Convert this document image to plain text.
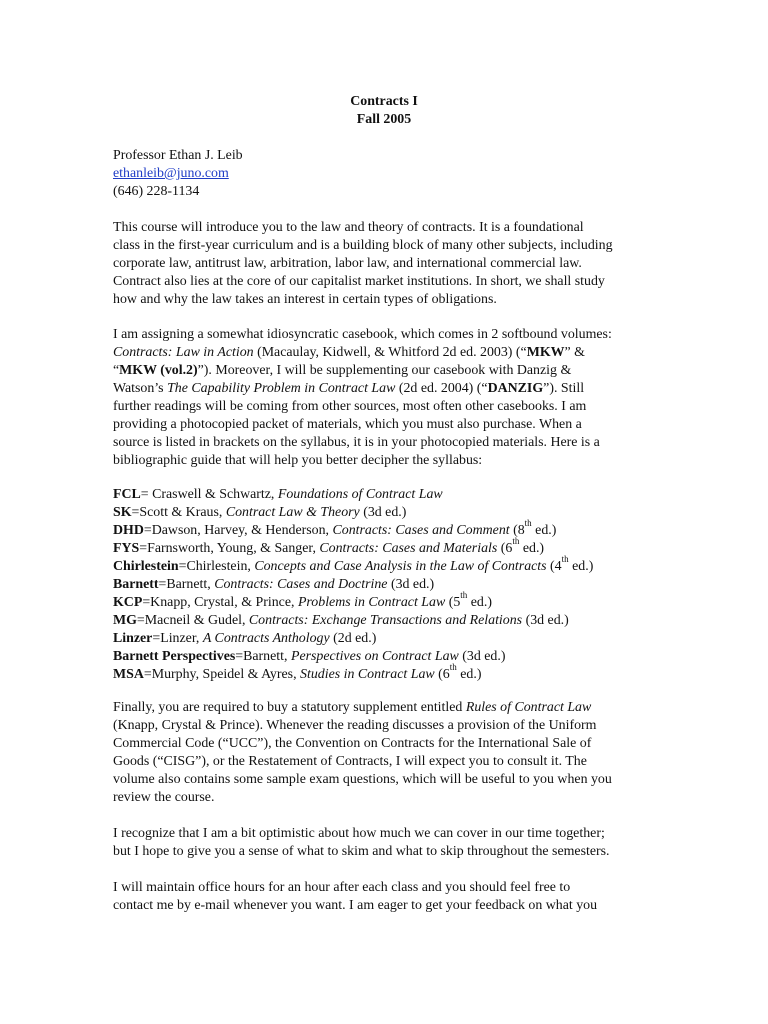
Contracts I
Fall 2005
Professor Ethan J. Leib
ethanleib@juno.com
(646) 228-1134
This course will introduce you to the law and theory of contracts. It is a foundational
class in the first-year curriculum and is a building block of many other subjects, including
corporate law, antitrust law, arbitration, labor law, and international commercial law.
Contract also lies at the core of our capitalist market institutions. In short, we shall study
how and why the law takes an interest in certain types of obligations.
I am assigning a somewhat idiosyncratic casebook, which comes in 2 softbound volumes:
Contracts: Law in Action (Macaulay, Kidwell, & Whitford 2d ed. 2003) (“MKW” &
“MKW (vol.2)”). Moreover, I will be supplementing our casebook with Danzig &
Watson’s The Capability Problem in Contract Law (2d ed. 2004) (“DANZIG”). Still
further readings will be coming from other sources, most often other casebooks. I am
providing a photocopied packet of materials, which you must also purchase. When a
source is listed in brackets on the syllabus, it is in your photocopied materials. Here is a
bibliographic guide that will help you better decipher the syllabus:
FCL= Craswell & Schwartz, Foundations of Contract Law
SK=Scott & Kraus, Contract Law & Theory (3d ed.)
DHD=Dawson, Harvey, & Henderson, Contracts: Cases and Comment (8th ed.)
FYS=Farnsworth, Young, & Sanger, Contracts: Cases and Materials (6th ed.)
Chirlestein=Chirlestein, Concepts and Case Analysis in the Law of Contracts (4th ed.)
Barnett=Barnett, Contracts: Cases and Doctrine (3d ed.)
KCP=Knapp, Crystal, & Prince, Problems in Contract Law (5th ed.)
MG=Macneil & Gudel, Contracts: Exchange Transactions and Relations (3d ed.)
Linzer=Linzer, A Contracts Anthology (2d ed.)
Barnett Perspectives=Barnett, Perspectives on Contract Law (3d ed.)
MSA=Murphy, Speidel & Ayres, Studies in Contract Law (6th ed.)
Finally, you are required to buy a statutory supplement entitled Rules of Contract Law
(Knapp, Crystal & Prince). Whenever the reading discusses a provision of the Uniform
Commercial Code (“UCC”), the Convention on Contracts for the International Sale of
Goods (“CISG”), or the Restatement of Contracts, I will expect you to consult it. The
volume also contains some sample exam questions, which will be useful to you when you
review the course.
I recognize that I am a bit optimistic about how much we can cover in our time together;
but I hope to give you a sense of what to skim and what to skip throughout the semesters.
I will maintain office hours for an hour after each class and you should feel free to
contact me by e-mail whenever you want. I am eager to get your feedback on what you
